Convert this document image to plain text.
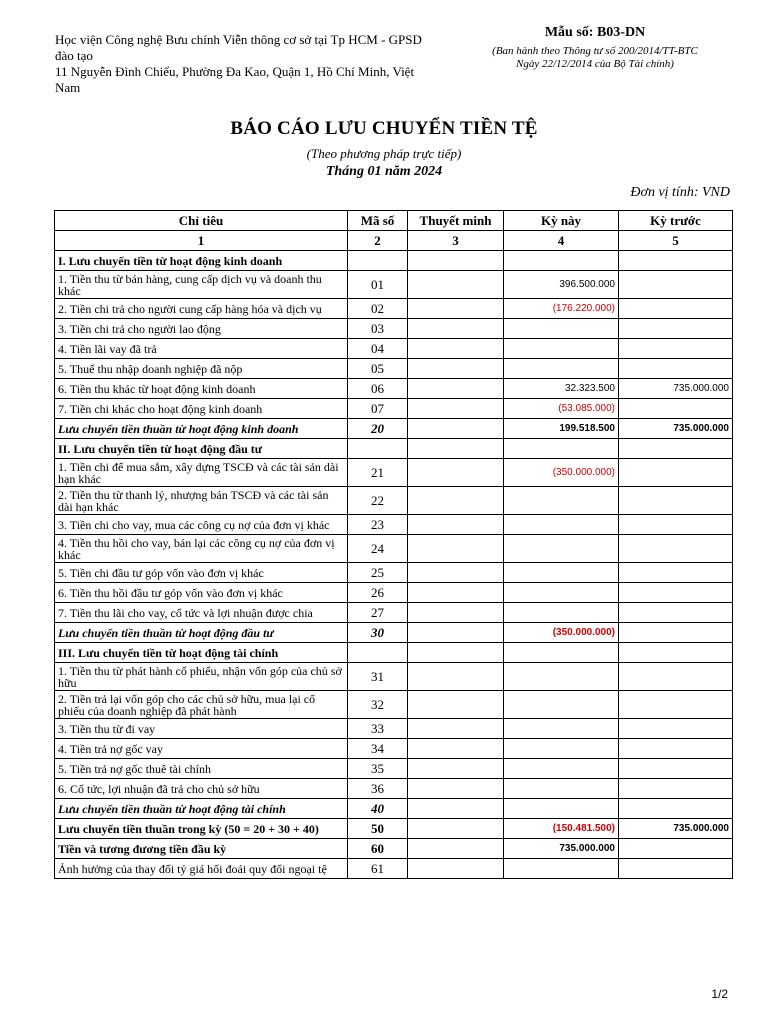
Học viện Công nghệ Bưu chính Viễn thông cơ sở tại Tp HCM - GPSD
đào tạo
11 Nguyễn Đình Chiểu, Phường Đa Kao, Quận 1, Hồ Chí Minh, Việt
Nam
Mẫu số: B03-DN
(Ban hành theo Thông tư số 200/2014/TT-BTC
Ngày 22/12/2014 của Bộ Tài chính)
BÁO CÁO LƯU CHUYỂN TIỀN TỆ
(Theo phương pháp trực tiếp)
Tháng 01 năm 2024
Đơn vị tính: VND
Chỉ tiêu	Mã số	Thuyết minh	Kỳ này	Kỳ trước
1	2	3	4	5
I. Lưu chuyển tiền từ hoạt động kinh doanh				
1. Tiền thu từ bán hàng, cung cấp dịch vụ và doanh thu khác	01		396.500.000	
2. Tiền chi trả cho người cung cấp hàng hóa và dịch vụ	02		(176.220.000)	
3. Tiền chi trả cho người lao động	03			
4. Tiền lãi vay đã trả	04			
5. Thuế thu nhập doanh nghiệp đã nộp	05			
6. Tiền thu khác từ hoạt động kinh doanh	06		32.323.500	735.000.000
7. Tiền chi khác cho hoạt động kinh doanh	07		(53.085.000)	
Lưu chuyển tiền thuần từ hoạt động kinh doanh	20		199.518.500	735.000.000
II. Lưu chuyển tiền từ hoạt động đầu tư				
1. Tiền chi để mua sắm, xây dựng TSCĐ và các tài sản dài hạn khác	21		(350.000.000)	
2. Tiền thu từ thanh lý, nhượng bán TSCĐ và các tài sản dài hạn khác	22			
3. Tiền chi cho vay, mua các công cụ nợ của đơn vị khác	23			
4. Tiền thu hồi cho vay, bán lại các công cụ nợ của đơn vị khác	24			
5. Tiền chi đầu tư góp vốn vào đơn vị khác	25			
6. Tiền thu hồi đầu tư góp vốn vào đơn vị khác	26			
7. Tiền thu lãi cho vay, cổ tức và lợi nhuận được chia	27			
Lưu chuyển tiền thuần từ hoạt động đầu tư	30		(350.000.000)	
III. Lưu chuyển tiền từ hoạt động tài chính				
1. Tiền thu từ phát hành cổ phiếu, nhận vốn góp của chủ sở hữu	31			
2. Tiền trả lại vốn góp cho các chủ sở hữu, mua lại cổ phiếu của doanh nghiệp đã phát hành	32			
3. Tiền thu từ đi vay	33			
4. Tiền trả nợ gốc vay	34			
5. Tiền trả nợ gốc thuê tài chính	35			
6. Cổ tức, lợi nhuận đã trả cho chủ sở hữu	36			
Lưu chuyển tiền thuần từ hoạt động tài chính	40			
Lưu chuyển tiền thuần trong kỳ (50 = 20 + 30 + 40)	50		(150.481.500)	735.000.000
Tiền và tương đương tiền đầu kỳ	60		735.000.000	
Ảnh hưởng của thay đổi tỷ giá hối đoái quy đổi ngoại tệ	61			
1/2
